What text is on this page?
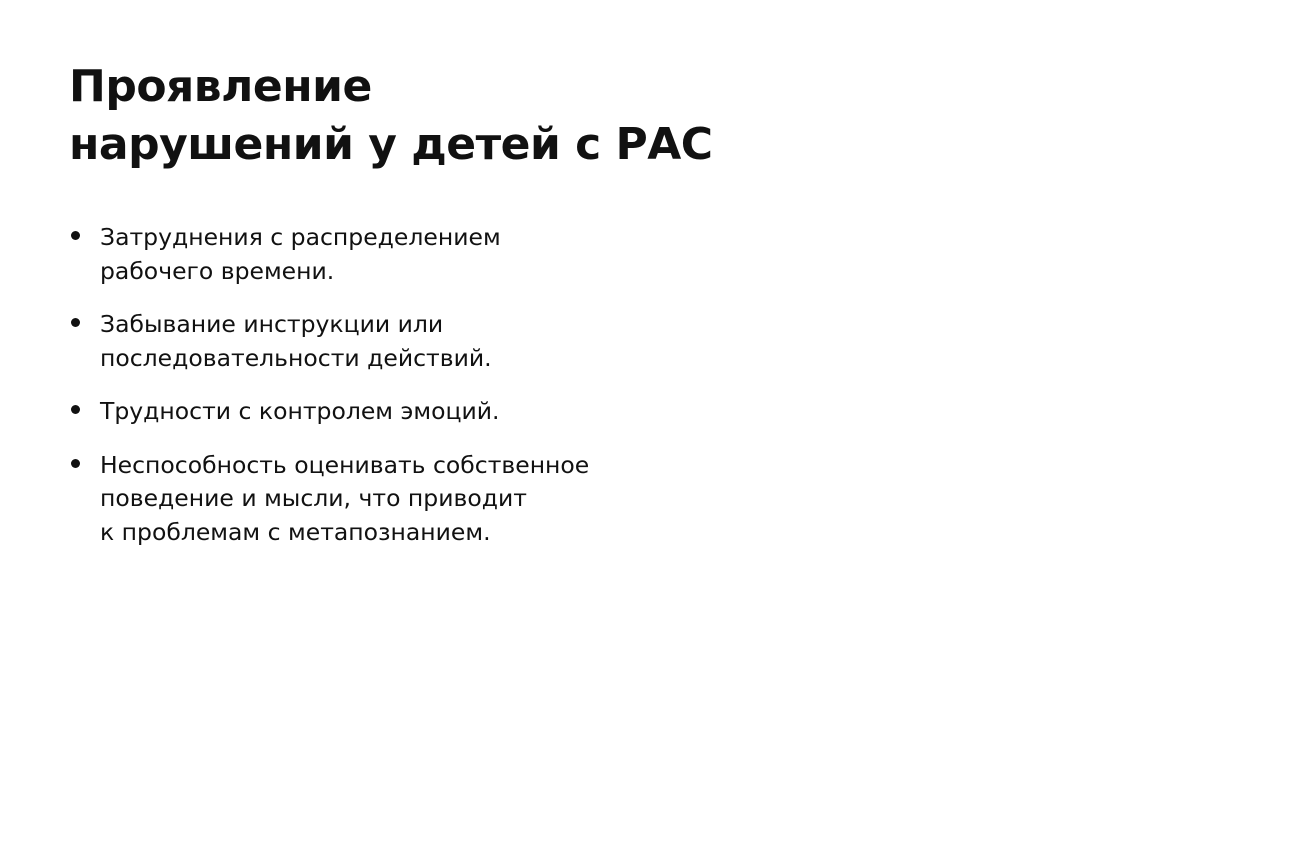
Проявление
нарушений у детей с РАС
Затруднения с распределением
рабочего времени.
Забывание инструкции или
последовательности действий.
Трудности с контролем эмоций.
Неспособность оценивать собственное
поведение и мысли, что приводит
к проблемам с метапознанием.
